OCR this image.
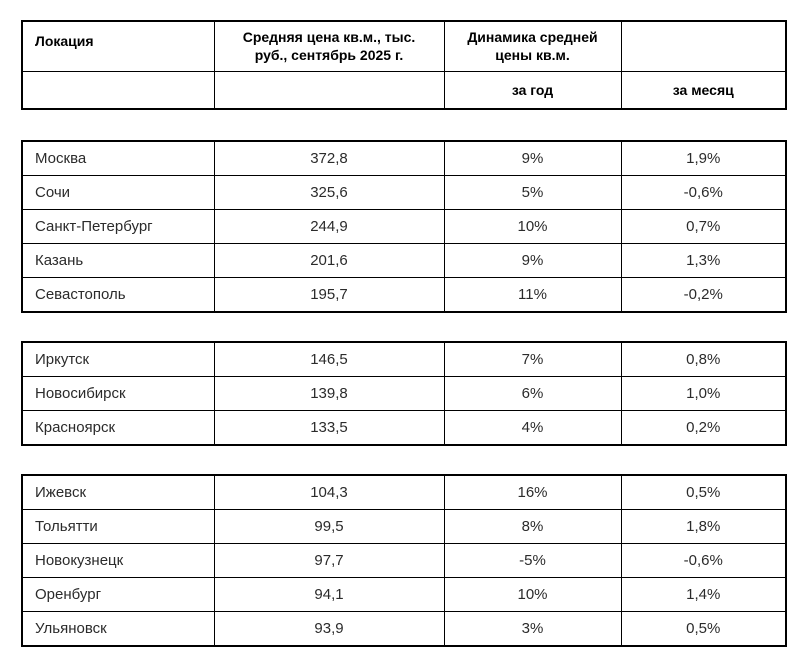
Локация	Средняя цена кв.м., тыс. руб., сентябрь 2025 г.	Динамика средней цены кв.м.	
		за год	за месяц
Москва	372,8	9%	1,9%
Сочи	325,6	5%	-0,6%
Санкт-Петербург	244,9	10%	0,7%
Казань	201,6	9%	1,3%
Севастополь	195,7	11%	-0,2%
Иркутск	146,5	7%	0,8%
Новосибирск	139,8	6%	1,0%
Красноярск	133,5	4%	0,2%
Ижевск	104,3	16%	0,5%
Тольятти	99,5	8%	1,8%
Новокузнецк	97,7	-5%	-0,6%
Оренбург	94,1	10%	1,4%
Ульяновск	93,9	3%	0,5%
